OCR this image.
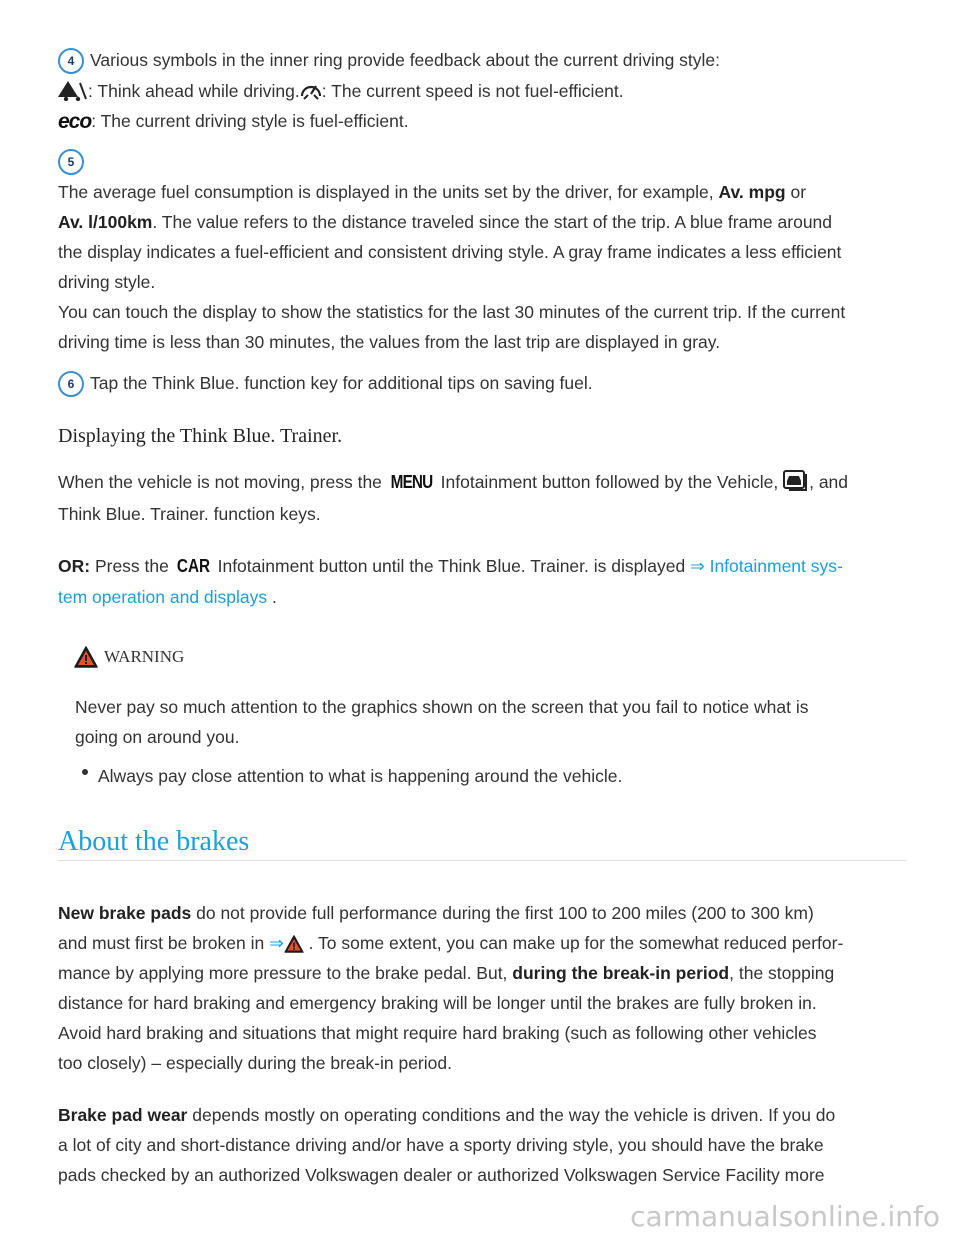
4 Various symbols in the inner ring provide feedback about the current driving style:
: Think ahead while driving. : The current speed is not fuel-efficient.
eco: The current driving style is fuel-efficient.
5
The average fuel consumption is displayed in the units set by the driver, for example, Av. mpg or
Av. l/100km. The value refers to the distance traveled since the start of the trip. A blue frame around
the display indicates a fuel-efficient and consistent driving style. A gray frame indicates a less efficient
driving style.
You can touch the display to show the statistics for the last 30 minutes of the current trip. If the current
driving time is less than 30 minutes, the values from the last trip are displayed in gray.
6 Tap the Think Blue. function key for additional tips on saving fuel.
Displaying the Think Blue. Trainer.
When the vehicle is not moving, press the MENU Infotainment button followed by the Vehicle, , and
Think Blue. Trainer. function keys.
OR: Press the CAR Infotainment button until the Think Blue. Trainer. is displayed ⇒ Infotainment sys-
tem operation and displays .
WARNING
Never pay so much attention to the graphics shown on the screen that you fail to notice what is
going on around you.
Always pay close attention to what is happening around the vehicle.
About the brakes
New brake pads do not provide full performance during the first 100 to 200 miles (200 to 300 km)
and must first be broken in ⇒ . To some extent, you can make up for the somewhat reduced perfor-
mance by applying more pressure to the brake pedal. But, during the break-in period, the stopping
distance for hard braking and emergency braking will be longer until the brakes are fully broken in.
Avoid hard braking and situations that might require hard braking (such as following other vehicles
too closely) – especially during the break-in period.
Brake pad wear depends mostly on operating conditions and the way the vehicle is driven. If you do
a lot of city and short-distance driving and/or have a sporty driving style, you should have the brake
pads checked by an authorized Volkswagen dealer or authorized Volkswagen Service Facility more
carmanualsonline.info
